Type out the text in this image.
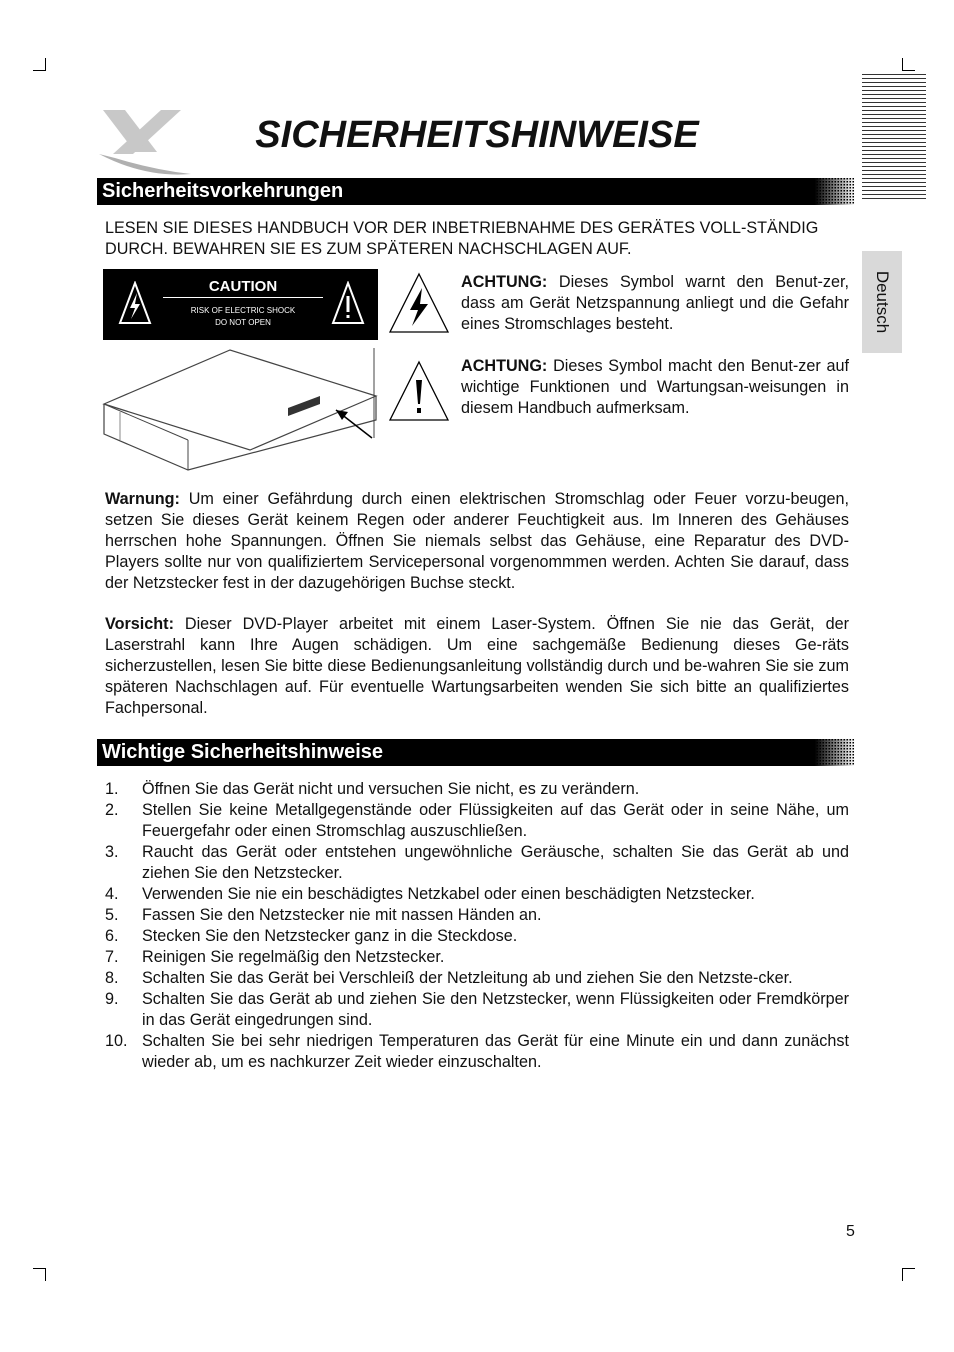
Deutsch
SICHERHEITSHINWEISE
Sicherheitsvorkehrungen
LESEN SIE DIESES HANDBUCH VOR DER INBETRIEBNAHME DES GERÄTES VOLL-STÄNDIG DURCH. BEWAHREN SIE ES ZUM SPÄTEREN NACHSCHLAGEN AUF.
CAUTION
RISK OF ELECTRIC SHOCK
DO NOT OPEN
ACHTUNG: Dieses Symbol warnt den Benut-zer, dass am Gerät Netzspannung anliegt und die Gefahr eines Stromschlages besteht.
ACHTUNG: Dieses Symbol macht den Benut-zer auf wichtige Funktionen und Wartungsan-weisungen in diesem Handbuch aufmerksam.
Warnung: Um einer Gefährdung durch einen elektrischen Stromschlag oder Feuer vorzu-beugen, setzen Sie dieses Gerät keinem Regen oder anderer Feuchtigkeit aus. Im Inneren des Gehäuses herrschen hohe Spannungen. Öffnen Sie niemals selbst das Gehäuse, eine Reparatur des DVD-Players sollte nur von qualifiziertem Servicepersonal vorgenommmen werden. Achten Sie darauf, dass der Netzstecker fest in der dazugehörigen Buchse steckt.
Vorsicht: Dieser DVD-Player arbeitet mit einem Laser-System. Öffnen Sie nie das Gerät, der Laserstrahl kann Ihre Augen schädigen. Um eine sachgemäße Bedienung dieses Ge-räts sicherzustellen, lesen Sie bitte diese Bedienungsanleitung vollständig durch und be-wahren Sie sie zum späteren Nachschlagen auf. Für eventuelle Wartungsarbeiten wenden Sie sich bitte an qualifiziertes Fachpersonal.
Wichtige Sicherheitshinweise
1. Öffnen Sie das Gerät nicht und versuchen Sie nicht, es zu verändern.
2. Stellen Sie keine Metallgegenstände oder Flüssigkeiten auf das Gerät oder in seine Nähe, um Feuergefahr oder einen Stromschlag auszuschließen.
3. Raucht das Gerät oder entstehen ungewöhnliche Geräusche, schalten Sie das Gerät ab und ziehen Sie den Netzstecker.
4. Verwenden Sie nie ein beschädigtes Netzkabel oder einen beschädigten Netzstecker.
5. Fassen Sie den Netzstecker nie mit nassen Händen an.
6. Stecken Sie den Netzstecker ganz in die Steckdose.
7. Reinigen Sie regelmäßig den Netzstecker.
8. Schalten Sie das Gerät bei Verschleiß der Netzleitung ab und ziehen Sie den Netzste-cker.
9. Schalten Sie das Gerät ab und ziehen Sie den Netzstecker, wenn Flüssigkeiten oder Fremdkörper in das Gerät eingedrungen sind.
10. Schalten Sie bei sehr niedrigen Temperaturen das Gerät für eine Minute ein und dann zunächst wieder ab, um es nachkurzer Zeit wieder einzuschalten.
5
